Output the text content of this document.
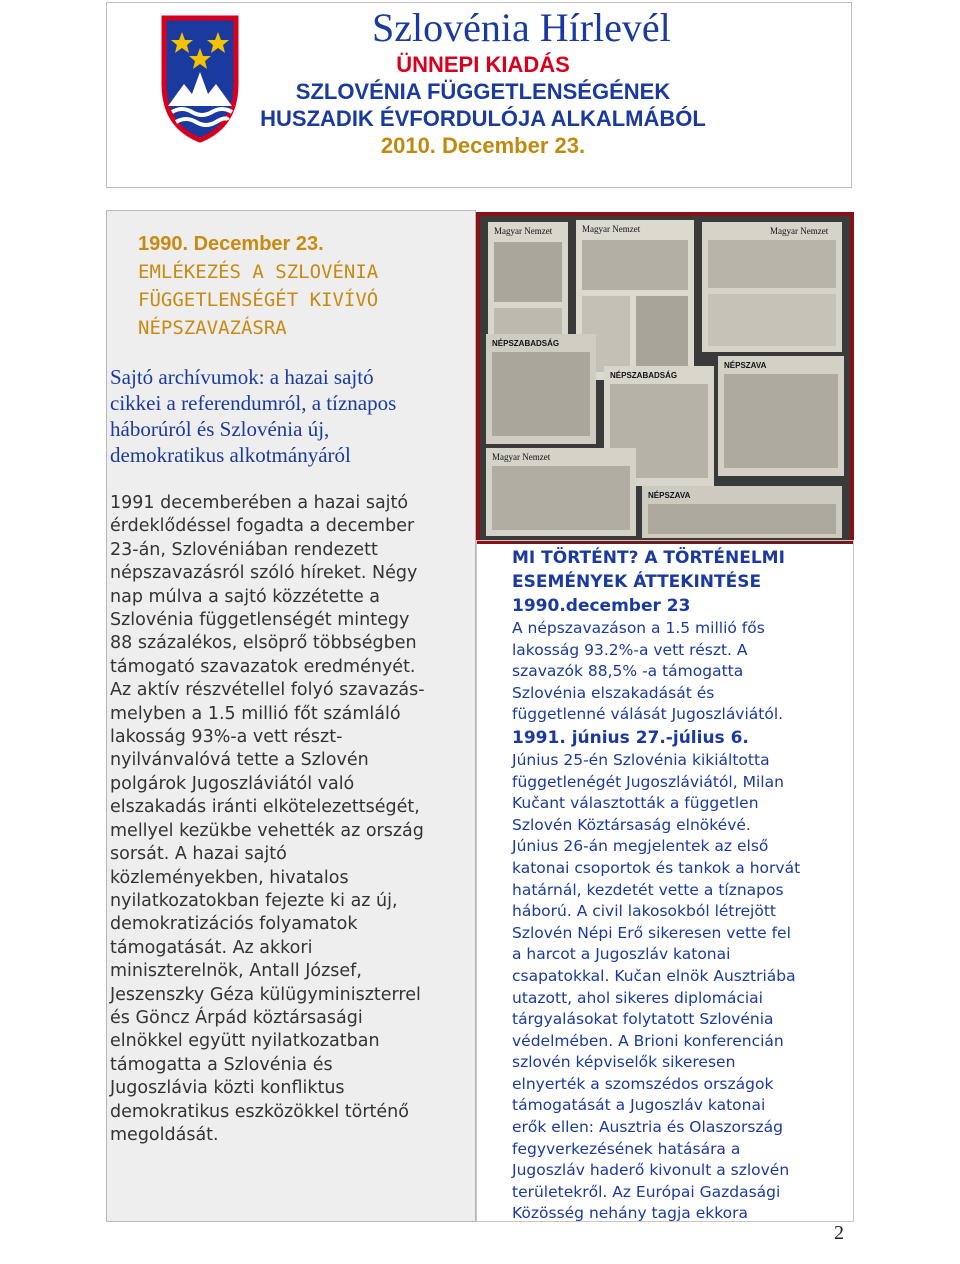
Szlovénia Hírlevél
ÜNNEPI KIADÁS
SZLOVÉNIA FÜGGETLENSÉGÉNEK
HUSZADIK ÉVFORDULÓJA ALKALMÁBÓL
2010. December 23.
1990. December 23.
EMLÉKEZÉS A SZLOVÉNIA
FÜGGETLENSÉGÉT KIVÍVÓ
NÉPSZAVAZÁSRA
Sajtó archívumok: a hazai sajtó
cikkei a referendumról, a tíznapos
háborúról és Szlovénia új,
demokratikus alkotmányáról
1991 decemberében a hazai sajtó
érdeklődéssel fogadta a december
23-án, Szlovéniában rendezett
népszavazásról szóló híreket. Négy
nap múlva a sajtó közzétette a
Szlovénia függetlenségét mintegy
88 százalékos, elsöprő többségben
támogató szavazatok eredményét.
Az aktív részvétellel folyó szavazás-
melyben a 1.5 millió főt számláló
lakosság 93%-a vett részt-
nyilvánvalóvá tette a Szlovén
polgárok Jugoszláviától való
elszakadás iránti elkötelezettségét,
mellyel kezükbe vehették az ország
sorsát. A hazai sajtó
közleményekben, hivatalos
nyilatkozatokban fejezte ki az új,
demokratizációs folyamatok
támogatását. Az akkori
miniszterelnök, Antall József,
Jeszenszky Géza külügyminiszterrel
és Göncz Árpád köztársasági
elnökkel együtt nyilatkozatban
támogatta a Szlovénia és
Jugoszlávia közti konfliktus
demokratikus eszközökkel történő
megoldását.
Magyar Nemzet	Magyar Nemzet	Magyar Nemzet
NÉPSZABADSÁG
NÉPSZABADSÁG
NÉPSZAVA
Magyar Nemzet
NÉPSZAVA
MI TÖRTÉNT? A TÖRTÉNELMI
ESEMÉNYEK ÁTTEKINTÉSE
1990.december 23
A népszavazáson a 1.5 millió fős
lakosság 93.2%-a vett részt. A
szavazók 88,5% -a támogatta
Szlovénia elszakadását és
függetlenné válását Jugoszláviától.
1991. június 27.-július 6.
Június 25-én Szlovénia kikiáltotta
függetlenégét Jugoszláviától, Milan
Kučant választották a független
Szlovén Köztársaság elnökévé.
Június 26-án megjelentek az első
katonai csoportok és tankok a horvát
határnál, kezdetét vette a tíznapos
háború. A civil lakosokból létrejött
Szlovén Népi Erő sikeresen vette fel
a harcot a Jugoszláv katonai
csapatokkal. Kučan elnök Ausztriába
utazott, ahol sikeres diplomáciai
tárgyalásokat folytatott Szlovénia
védelmében. A Brioni konferencián
szlovén képviselők sikeresen
elnyerték a szomszédos országok
támogatását a Jugoszláv katonai
erők ellen: Ausztria és Olaszország
fegyverkezésének hatására a
Jugoszláv haderő kivonult a szlovén
területekről. Az Európai Gazdasági
Közösség nehány tagja ekkora
2
